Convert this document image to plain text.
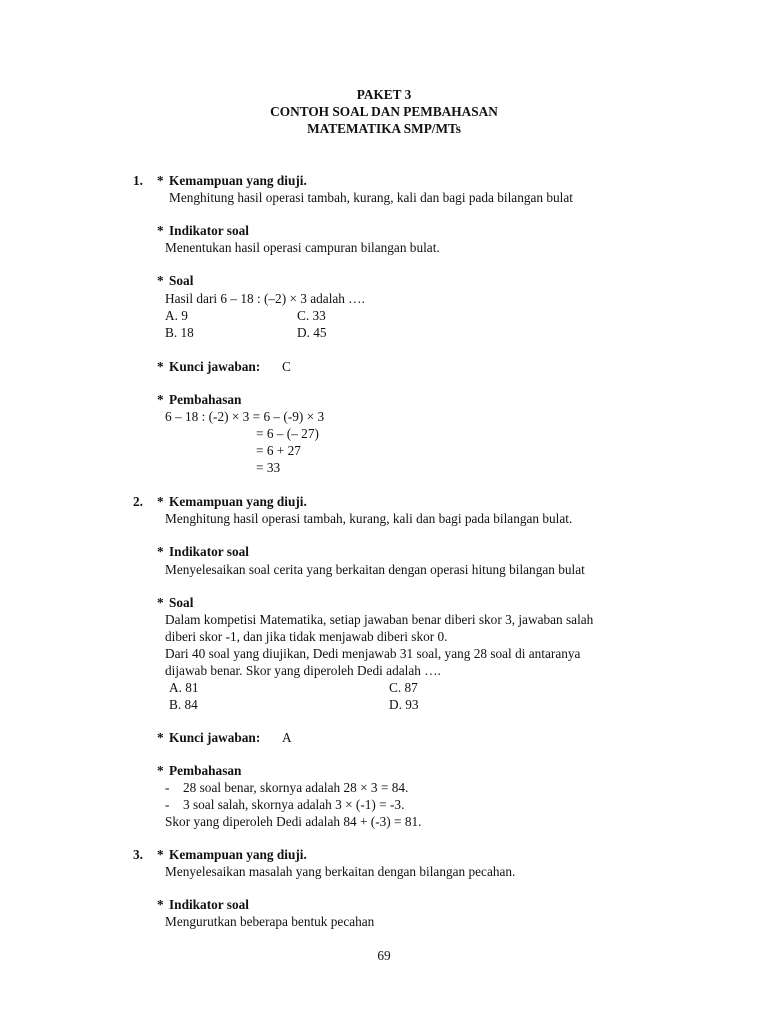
PAKET 3
CONTOH SOAL DAN PEMBAHASAN
MATEMATIKA SMP/MTs
1. * Kemampuan yang diuji.
Menghitung hasil operasi tambah, kurang, kali dan bagi pada bilangan bulat
* Indikator soal
Menentukan hasil operasi campuran bilangan bulat.
* Soal
Hasil dari 6 – 18 : (–2) × 3 adalah ….
A. 9	C. 33
B. 18	D. 45
* Kunci jawaban: C
* Pembahasan
6 – 18 : (-2) × 3 = 6 – (-9) × 3
= 6 – (– 27)
= 6 + 27
= 33
2. * Kemampuan yang diuji.
Menghitung hasil operasi tambah, kurang, kali dan bagi pada bilangan bulat.
* Indikator soal
Menyelesaikan soal cerita yang berkaitan dengan operasi hitung bilangan bulat
* Soal
Dalam kompetisi Matematika, setiap jawaban benar diberi skor 3, jawaban salah
diberi skor -1, dan jika tidak menjawab diberi skor 0.
Dari 40 soal yang diujikan, Dedi menjawab 31 soal, yang 28 soal di antaranya
dijawab benar. Skor yang diperoleh Dedi adalah ….
A. 81	C. 87
B. 84	D. 93
* Kunci jawaban: A
* Pembahasan
- 28 soal benar, skornya adalah 28 × 3 = 84.
- 3 soal salah, skornya adalah 3 × (-1) = -3.
Skor yang diperoleh Dedi adalah 84 + (-3) = 81.
3. * Kemampuan yang diuji.
Menyelesaikan masalah yang berkaitan dengan bilangan pecahan.
* Indikator soal
Mengurutkan beberapa bentuk pecahan
69
